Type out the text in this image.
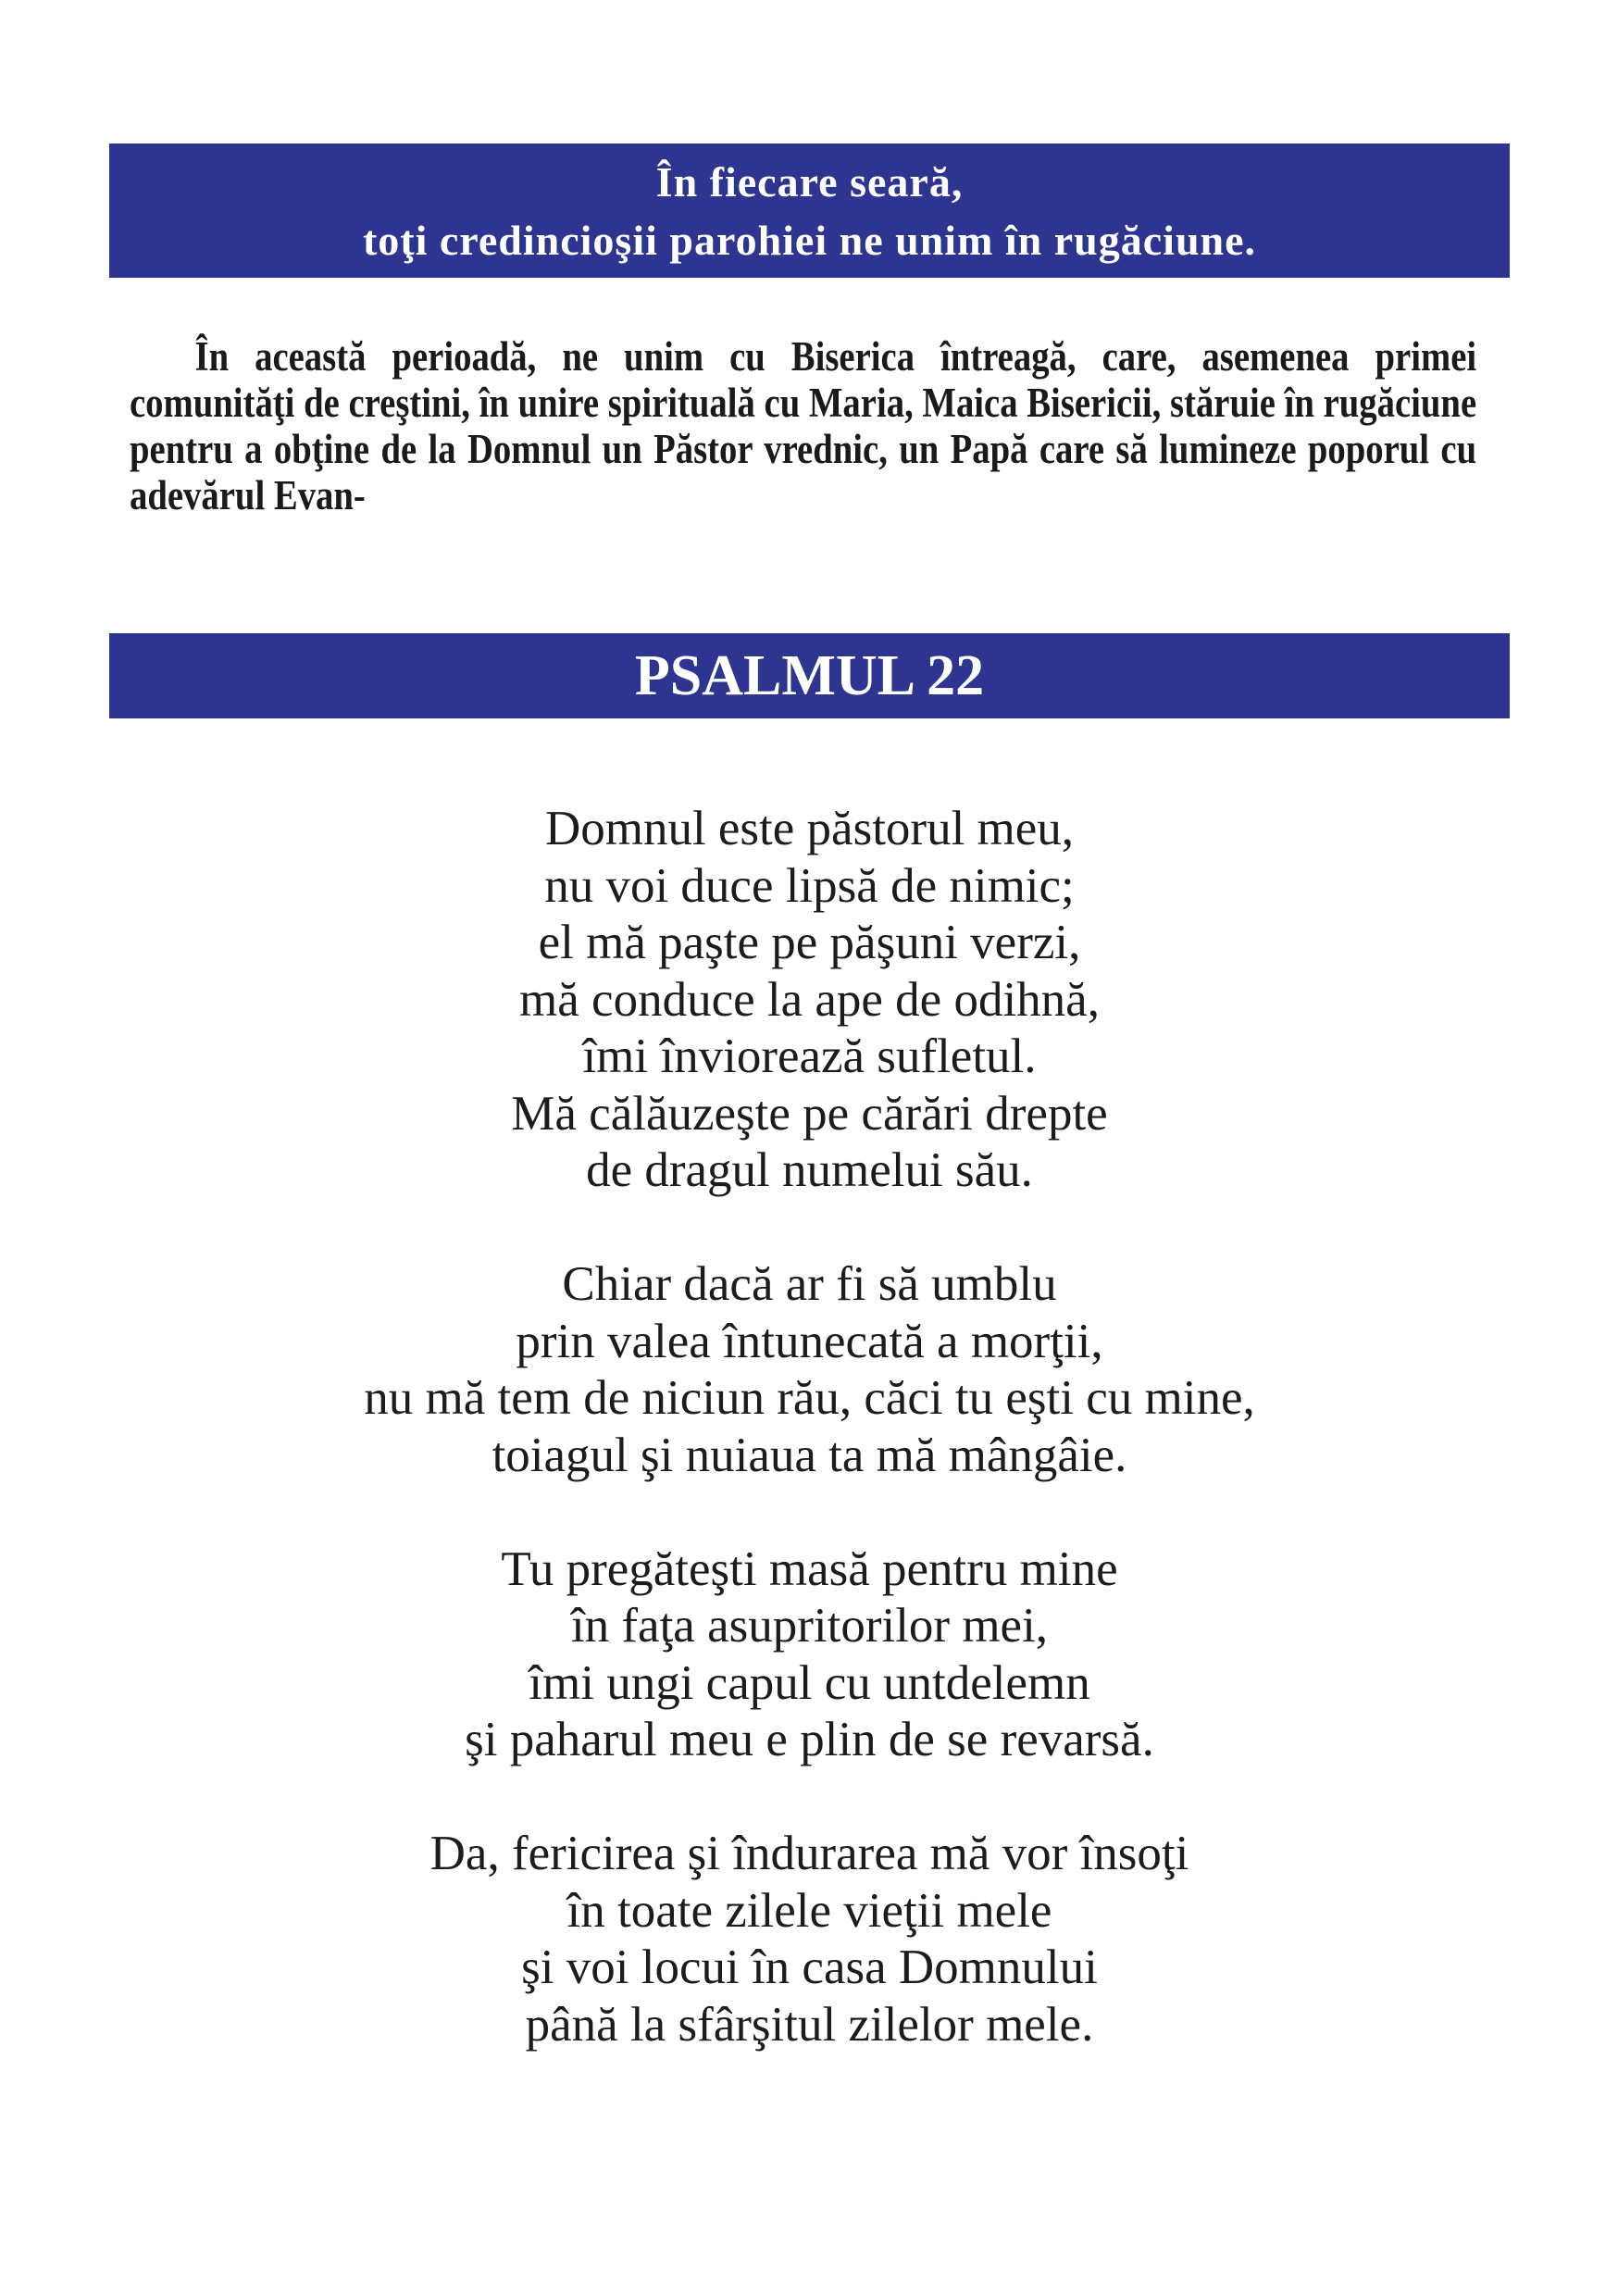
În fiecare seară,
toţi credincioşii parohiei ne unim în rugăciune.
În această perioadă, ne unim cu Biserica întreagă, care, asemenea primei comunităţi de creştini, în unire spirituală cu Maria, Maica Bisericii, stăruie în rugăciune pentru a obţine de la Domnul un Păstor vrednic, un Papă care să lumineze poporul cu adevărul Evan-
PSALMUL 22
Domnul este păstorul meu,
nu voi duce lipsă de nimic;
el mă paşte pe păşuni verzi,
mă conduce la ape de odihnă,
îmi înviorează sufletul.
Mă călăuzeşte pe cărări drepte
de dragul numelui său.
Chiar dacă ar fi să umblu
prin valea întunecată a morţii,
nu mă tem de niciun rău, căci tu eşti cu mine,
toiagul şi nuiaua ta mă mângâie.
Tu pregăteşti masă pentru mine
în faţa asupritorilor mei,
îmi ungi capul cu untdelemn
şi paharul meu e plin de se revarsă.
Da, fericirea şi îndurarea mă vor însoţi
în toate zilele vieţii mele
şi voi locui în casa Domnului
până la sfârşitul zilelor mele.
